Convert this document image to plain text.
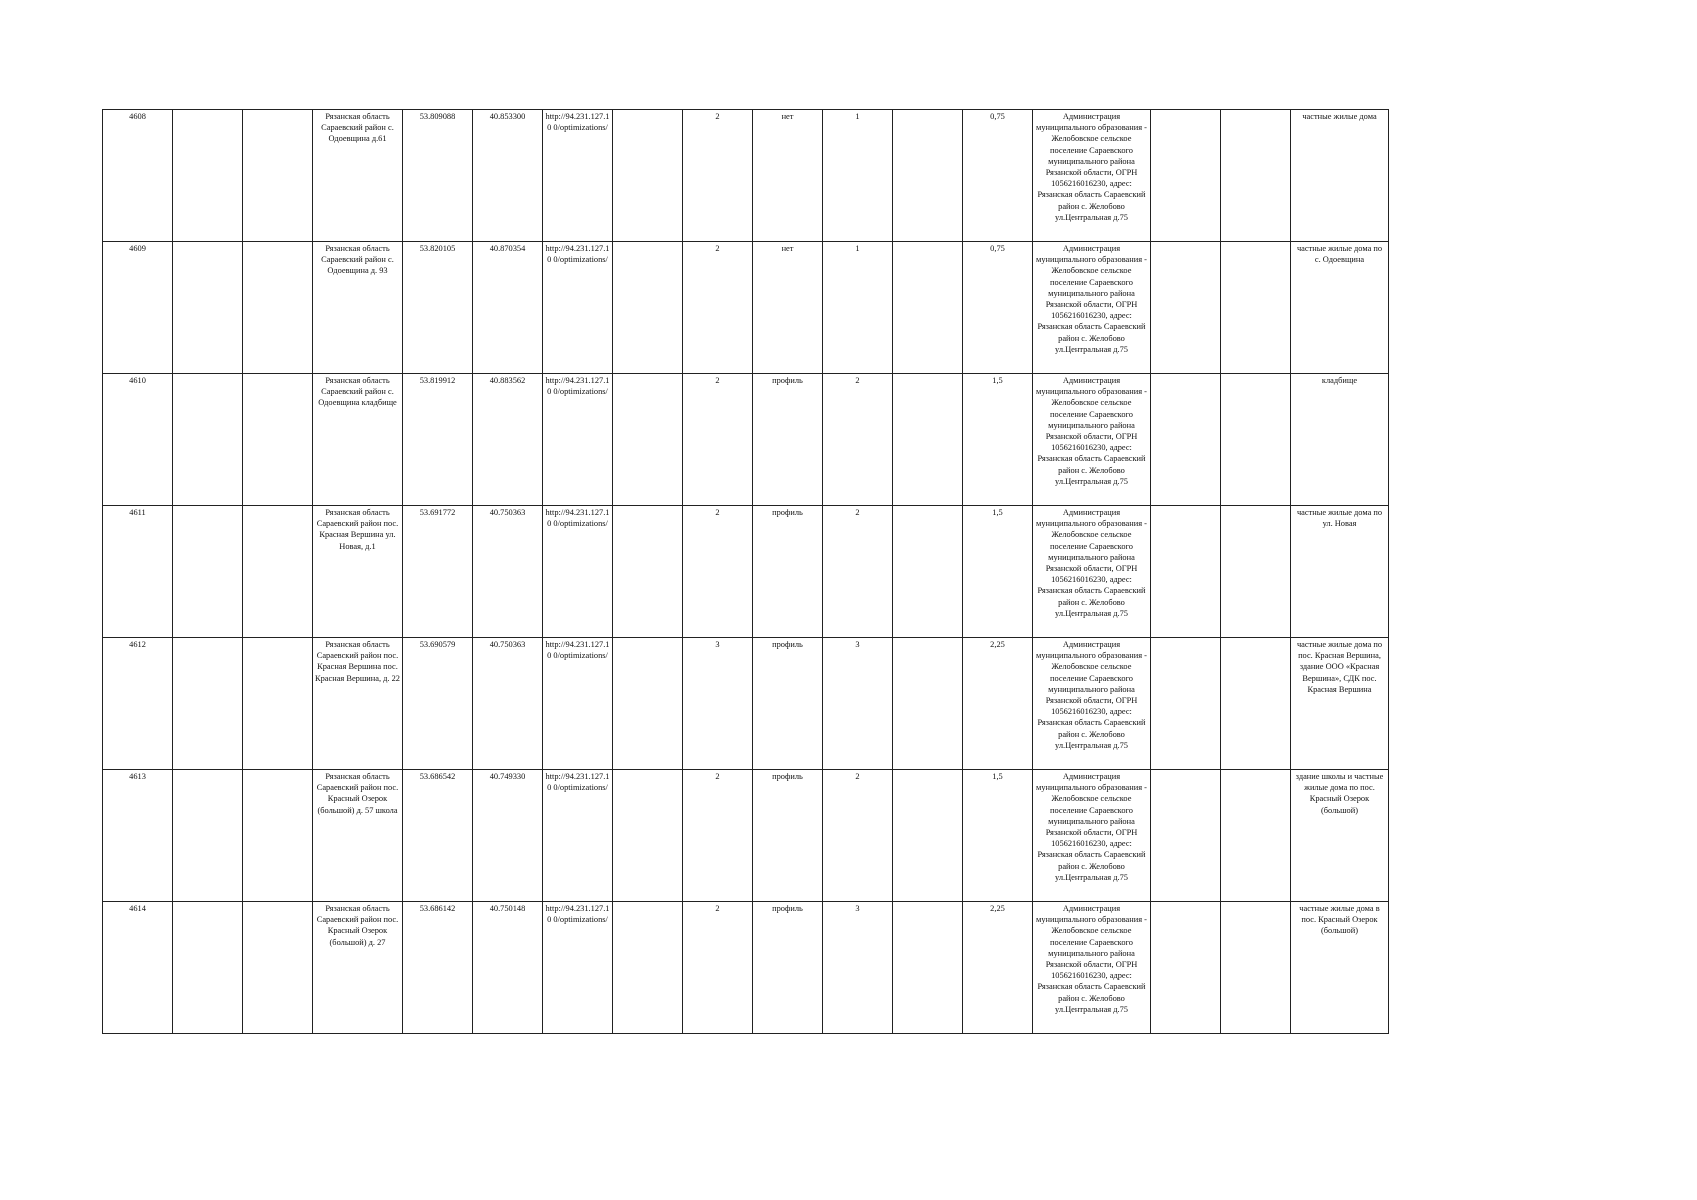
4608			Рязанская область Сараевский район с. Одоевщина д.61	53.809088	40.853300	http://94.231.127.10 0/optimizations/		2	нет	1		0,75	Администрация муниципального образования - Желобовское сельское поселение Сараевского муниципального района Рязанской области, ОГРН 1056216016230, адрес: Рязанская область Сараевский район с. Желобово ул.Центральная д.75			частные жилые дома
4609			Рязанская область Сараевский район с. Одоевщина д. 93	53.820105	40.870354	http://94.231.127.10 0/optimizations/		2	нет	1		0,75	Администрация муниципального образования - Желобовское сельское поселение Сараевского муниципального района Рязанской области, ОГРН 1056216016230, адрес: Рязанская область Сараевский район с. Желобово ул.Центральная д.75			частные жилые дома по с. Одоевщина
4610			Рязанская область Сараевский район с. Одоевщина кладбище	53.819912	40.883562	http://94.231.127.10 0/optimizations/		2	профиль	2		1,5	Администрация муниципального образования - Желобовское сельское поселение Сараевского муниципального района Рязанской области, ОГРН 1056216016230, адрес: Рязанская область Сараевский район с. Желобово ул.Центральная д.75			кладбище
4611			Рязанская область Сараевский район пос. Красная Вершина ул. Новая, д.1	53.691772	40.750363	http://94.231.127.10 0/optimizations/		2	профиль	2		1,5	Администрация муниципального образования - Желобовское сельское поселение Сараевского муниципального района Рязанской области, ОГРН 1056216016230, адрес: Рязанская область Сараевский район с. Желобово ул.Центральная д.75			частные жилые дома по ул. Новая
4612			Рязанская область Сараевский район пос. Красная Вершина пос. Красная Вершина, д. 22	53.690579	40.750363	http://94.231.127.10 0/optimizations/		3	профиль	3		2,25	Администрация муниципального образования - Желобовское сельское поселение Сараевского муниципального района Рязанской области, ОГРН 1056216016230, адрес: Рязанская область Сараевский район с. Желобово ул.Центральная д.75			частные жилые дома по пос. Красная Вершина, здание ООО «Красная Вершина», СДК пос. Красная Вершина
4613			Рязанская область Сараевский район пос. Красный Озерок (большой) д. 57 школа	53.686542	40.749330	http://94.231.127.10 0/optimizations/		2	профиль	2		1,5	Администрация муниципального образования - Желобовское сельское поселение Сараевского муниципального района Рязанской области, ОГРН 1056216016230, адрес: Рязанская область Сараевский район с. Желобово ул.Центральная д.75			здание школы и частные жилые дома по пос. Красный Озерок (большой)
4614			Рязанская область Сараевский район пос. Красный Озерок (большой) д. 27	53.686142	40.750148	http://94.231.127.10 0/optimizations/		2	профиль	3		2,25	Администрация муниципального образования - Желобовское сельское поселение Сараевского муниципального района Рязанской области, ОГРН 1056216016230, адрес: Рязанская область Сараевский район с. Желобово ул.Центральная д.75			частные жилые дома в пос. Красный Озерок (большой)
